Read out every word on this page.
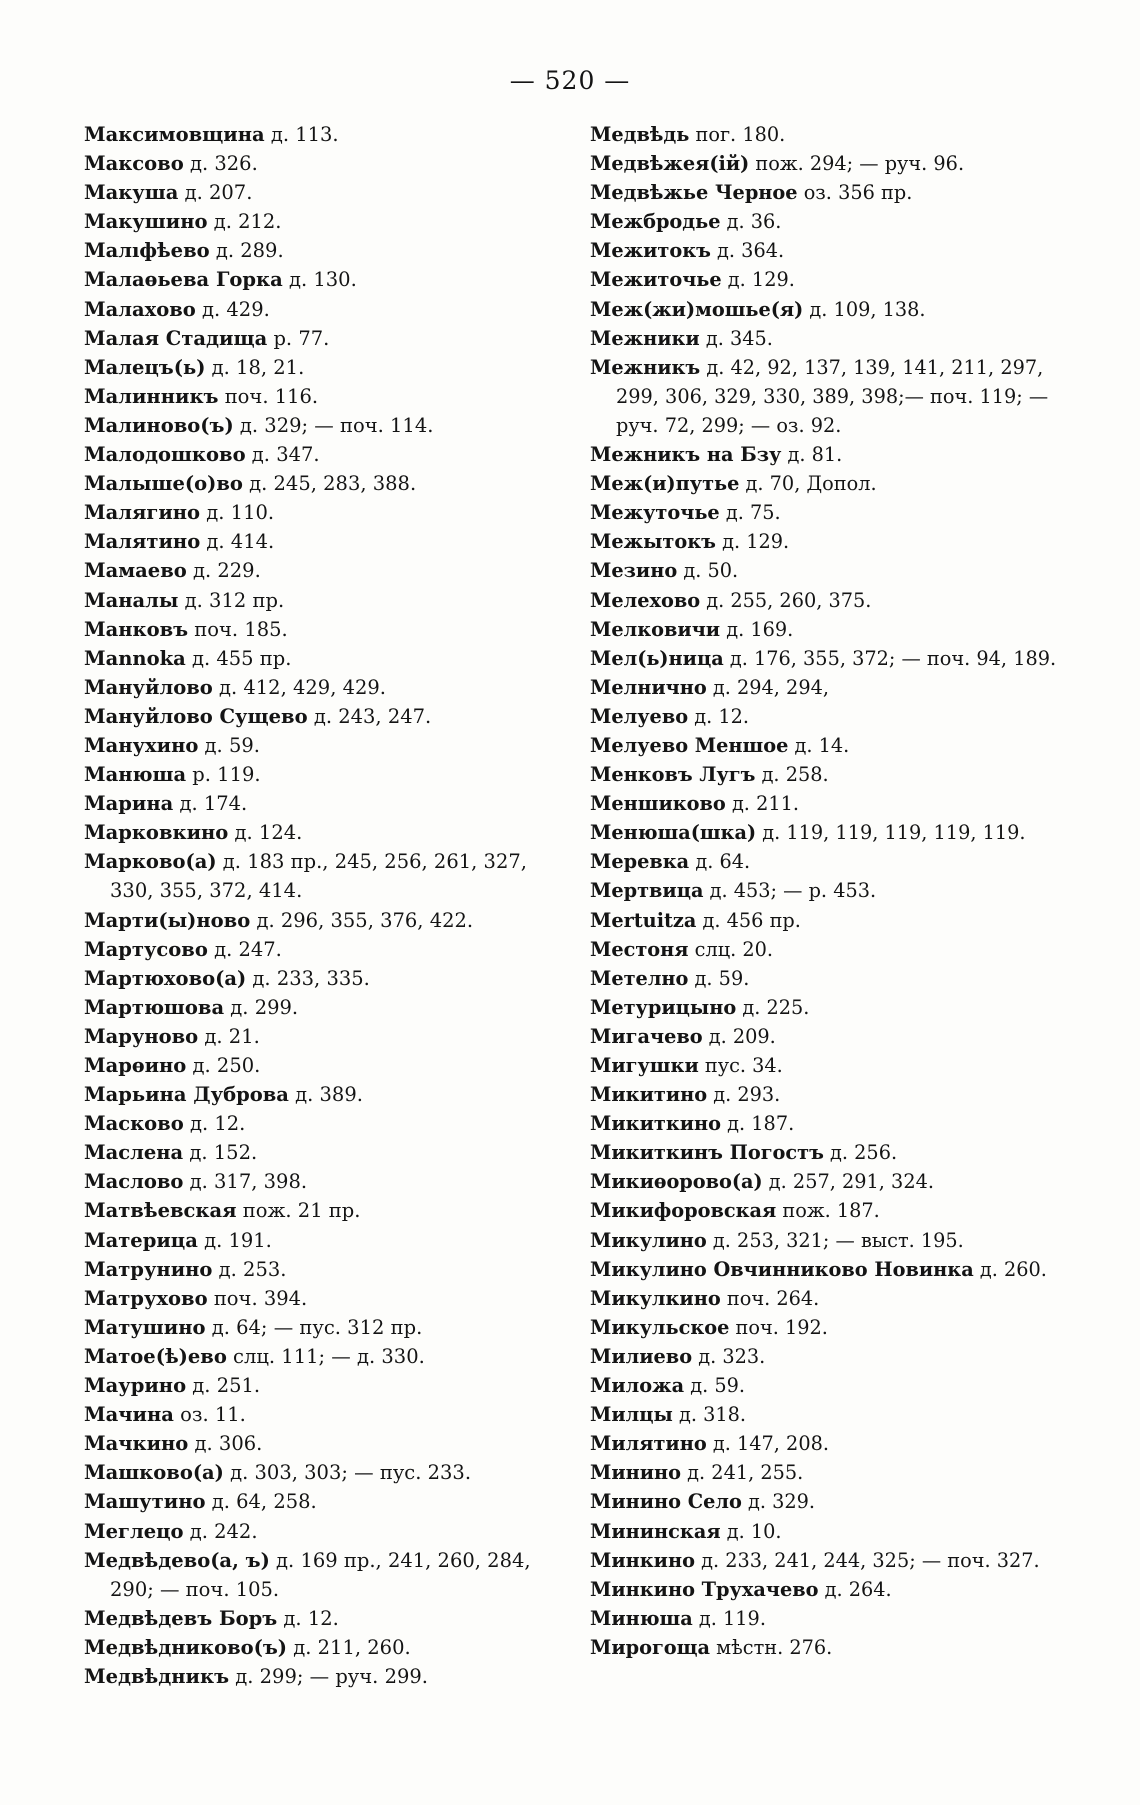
— 520 —
Максимовщина д. 113.
Максово д. 326.
Макуша д. 207.
Макушино д. 212.
Малıфѣево д. 289.
Малаѳьева Горка д. 130.
Малахово д. 429.
Малая Стадища р. 77.
Малецъ(ь) д. 18, 21.
Малинникъ поч. 116.
Малиново(ъ) д. 329; — поч. 114.
Малодошково д. 347.
Малыше(о)во д. 245, 283, 388.
Малягино д. 110.
Малятино д. 414.
Мамаево д. 229.
Маналы д. 312 пр.
Манковъ поч. 185.
Mannoka д. 455 пр.
Мануйлово д. 412, 429, 429.
Мануйлово Сущево д. 243, 247.
Манухино д. 59.
Манюша р. 119.
Марина д. 174.
Марковкино д. 124.
Марково(а) д. 183 пр., 245, 256, 261, 327, 330, 355, 372, 414.
Марти(ы)ново д. 296, 355, 376, 422.
Мартусово д. 247.
Мартюхово(а) д. 233, 335.
Мартюшова д. 299.
Маруново д. 21.
Марѳино д. 250.
Марьина Дуброва д. 389.
Масково д. 12.
Маслена д. 152.
Маслово д. 317, 398.
Матвѣевская пож. 21 пр.
Материца д. 191.
Матрунино д. 253.
Матрухово поч. 394.
Матушино д. 64; — пус. 312 пр.
Матое(ѣ)ево слц. 111; — д. 330.
Маурино д. 251.
Мачина оз. 11.
Мачкино д. 306.
Машково(а) д. 303, 303; — пус. 233.
Машутино д. 64, 258.
Меглецо д. 242.
Медвѣдево(а, ъ) д. 169 пр., 241, 260, 284, 290; — поч. 105.
Медвѣдевъ Боръ д. 12.
Медвѣдниково(ъ) д. 211, 260.
Медвѣдникъ д. 299; — руч. 299.
Медвѣдь пог. 180.
Медвѣжея(ій) пож. 294; — руч. 96.
Медвѣжье Черное оз. 356 пр.
Межбродье д. 36.
Межитокъ д. 364.
Межиточье д. 129.
Меж(жи)мошье(я) д. 109, 138.
Межники д. 345.
Межникъ д. 42, 92, 137, 139, 141, 211, 297, 299, 306, 329, 330, 389, 398;— поч. 119; — руч. 72, 299; — оз. 92.
Межникъ на Бзу д. 81.
Меж(и)путье д. 70, Допол.
Межуточье д. 75.
Межытокъ д. 129.
Мезино д. 50.
Мелехово д. 255, 260, 375.
Мелковичи д. 169.
Мел(ь)ница д. 176, 355, 372; — поч. 94, 189.
Мелнично д. 294, 294,
Мелуево д. 12.
Мелуево Меншое д. 14.
Менковъ Лугъ д. 258.
Меншиково д. 211.
Менюша(шка) д. 119, 119, 119, 119, 119.
Меревка д. 64.
Мертвица д. 453; — р. 453.
Mertuitza д. 456 пр.
Местоня слц. 20.
Метелно д. 59.
Метурицыно д. 225.
Мигачево д. 209.
Мигушки пус. 34.
Микитино д. 293.
Микиткино д. 187.
Микиткинъ Погостъ д. 256.
Микиѳорово(а) д. 257, 291, 324.
Микифоровская пож. 187.
Микулино д. 253, 321; — выст. 195.
Микулино Овчинниково Новинка д. 260.
Микулкино поч. 264.
Микульское поч. 192.
Милиево д. 323.
Миложа д. 59.
Милцы д. 318.
Милятино д. 147, 208.
Минино д. 241, 255.
Минино Село д. 329.
Мининская д. 10.
Минкино д. 233, 241, 244, 325; — поч. 327.
Минкино Трухачево д. 264.
Минюша д. 119.
Мирогоща мѣстн. 276.
